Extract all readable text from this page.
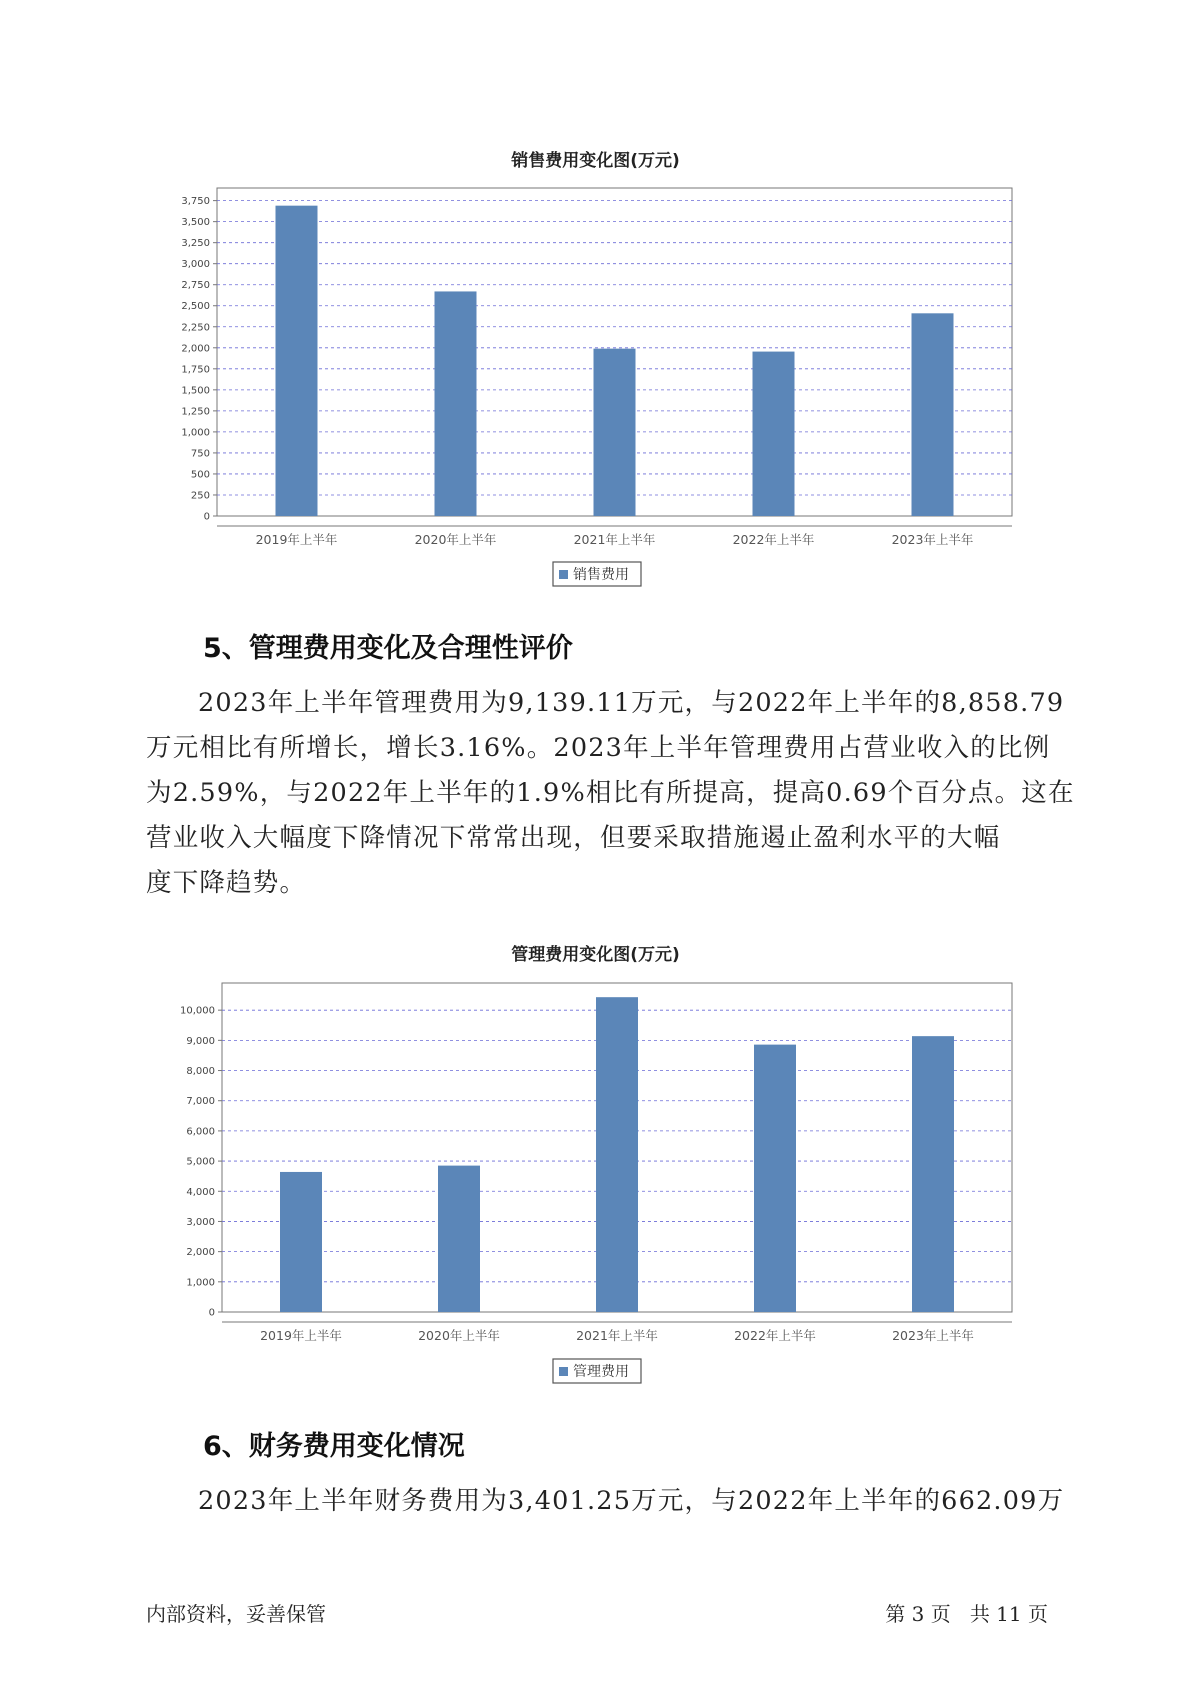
销售费用变化图(万元)
0
250
500
750
1,000
1,250
1,500
1,750
2,000
2,250
2,500
2,750
3,000
3,250
3,500
3,750
2019年上半年	2020年上半年	2021年上半年	2022年上半年	2023年上半年
销售费用
5、管理费用变化及合理性评价
2023年上半年管理费用为9,139.11万元，与2022年上半年的8,858.79
万元相比有所增长，增长3.16%。2023年上半年管理费用占营业收入的比例
为2.59%，与2022年上半年的1.9%相比有所提高，提高0.69个百分点。这在
营业收入大幅度下降情况下常常出现，但要采取措施遏止盈利水平的大幅
度下降趋势。
管理费用变化图(万元)
0
1,000
2,000
3,000
4,000
5,000
6,000
7,000
8,000
9,000
10,000
2019年上半年	2020年上半年	2021年上半年	2022年上半年	2023年上半年
管理费用
6、财务费用变化情况
2023年上半年财务费用为3,401.25万元，与2022年上半年的662.09万
内部资料，妥善保管	第 3 页   共 11 页
